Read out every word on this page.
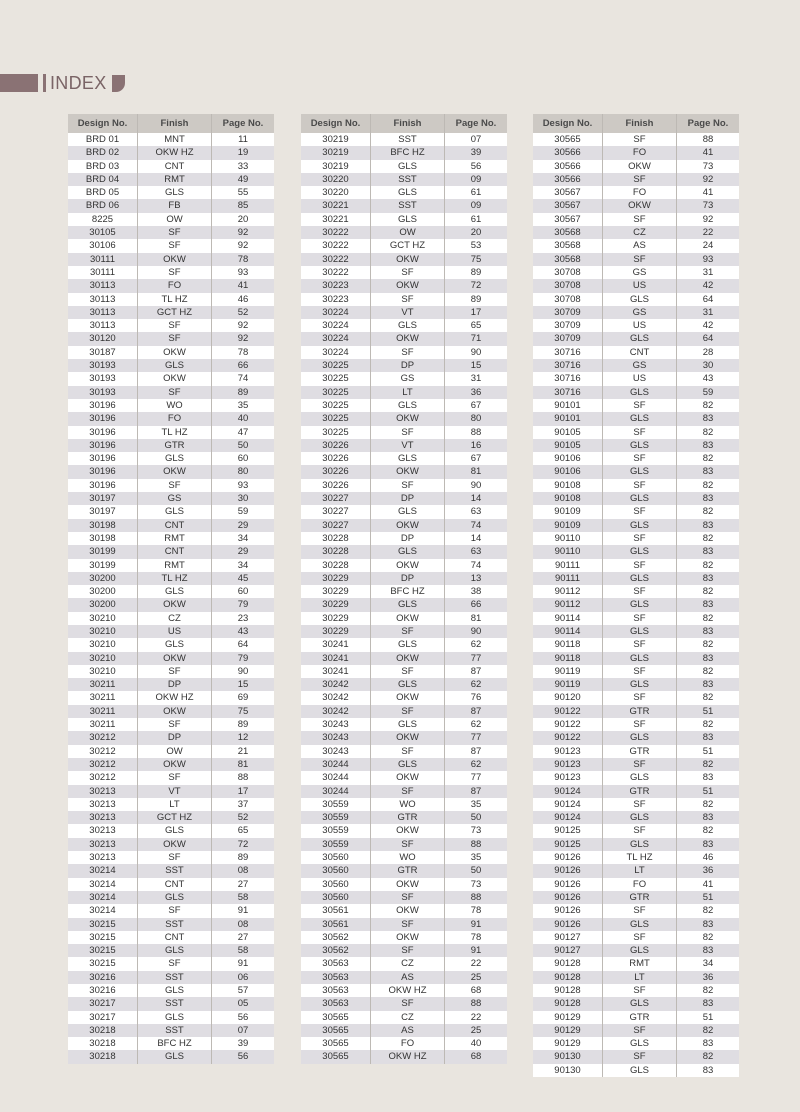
INDEX
Design No.	Finish	Page No.
BRD 01	MNT	11
BRD 02	OKW HZ	19
BRD 03	CNT	33
BRD 04	RMT	49
BRD 05	GLS	55
BRD 06	FB	85
8225	OW	20
30105	SF	92
30106	SF	92
30111	OKW	78
30111	SF	93
30113	FO	41
30113	TL HZ	46
30113	GCT HZ	52
30113	SF	92
30120	SF	92
30187	OKW	78
30193	GLS	66
30193	OKW	74
30193	SF	89
30196	WO	35
30196	FO	40
30196	TL HZ	47
30196	GTR	50
30196	GLS	60
30196	OKW	80
30196	SF	93
30197	GS	30
30197	GLS	59
30198	CNT	29
30198	RMT	34
30199	CNT	29
30199	RMT	34
30200	TL HZ	45
30200	GLS	60
30200	OKW	79
30210	CZ	23
30210	US	43
30210	GLS	64
30210	OKW	79
30210	SF	90
30211	DP	15
30211	OKW HZ	69
30211	OKW	75
30211	SF	89
30212	DP	12
30212	OW	21
30212	OKW	81
30212	SF	88
30213	VT	17
30213	LT	37
30213	GCT HZ	52
30213	GLS	65
30213	OKW	72
30213	SF	89
30214	SST	08
30214	CNT	27
30214	GLS	58
30214	SF	91
30215	SST	08
30215	CNT	27
30215	GLS	58
30215	SF	91
30216	SST	06
30216	GLS	57
30217	SST	05
30217	GLS	56
30218	SST	07
30218	BFC HZ	39
30218	GLS	56
Design No.	Finish	Page No.
30219	SST	07
30219	BFC HZ	39
30219	GLS	56
30220	SST	09
30220	GLS	61
30221	SST	09
30221	GLS	61
30222	OW	20
30222	GCT HZ	53
30222	OKW	75
30222	SF	89
30223	OKW	72
30223	SF	89
30224	VT	17
30224	GLS	65
30224	OKW	71
30224	SF	90
30225	DP	15
30225	GS	31
30225	LT	36
30225	GLS	67
30225	OKW	80
30225	SF	88
30226	VT	16
30226	GLS	67
30226	OKW	81
30226	SF	90
30227	DP	14
30227	GLS	63
30227	OKW	74
30228	DP	14
30228	GLS	63
30228	OKW	74
30229	DP	13
30229	BFC HZ	38
30229	GLS	66
30229	OKW	81
30229	SF	90
30241	GLS	62
30241	OKW	77
30241	SF	87
30242	GLS	62
30242	OKW	76
30242	SF	87
30243	GLS	62
30243	OKW	77
30243	SF	87
30244	GLS	62
30244	OKW	77
30244	SF	87
30559	WO	35
30559	GTR	50
30559	OKW	73
30559	SF	88
30560	WO	35
30560	GTR	50
30560	OKW	73
30560	SF	88
30561	OKW	78
30561	SF	91
30562	OKW	78
30562	SF	91
30563	CZ	22
30563	AS	25
30563	OKW HZ	68
30563	SF	88
30565	CZ	22
30565	AS	25
30565	FO	40
30565	OKW HZ	68
Design No.	Finish	Page No.
30565	SF	88
30566	FO	41
30566	OKW	73
30566	SF	92
30567	FO	41
30567	OKW	73
30567	SF	92
30568	CZ	22
30568	AS	24
30568	SF	93
30708	GS	31
30708	US	42
30708	GLS	64
30709	GS	31
30709	US	42
30709	GLS	64
30716	CNT	28
30716	GS	30
30716	US	43
30716	GLS	59
90101	SF	82
90101	GLS	83
90105	SF	82
90105	GLS	83
90106	SF	82
90106	GLS	83
90108	SF	82
90108	GLS	83
90109	SF	82
90109	GLS	83
90110	SF	82
90110	GLS	83
90111	SF	82
90111	GLS	83
90112	SF	82
90112	GLS	83
90114	SF	82
90114	GLS	83
90118	SF	82
90118	GLS	83
90119	SF	82
90119	GLS	83
90120	SF	82
90122	GTR	51
90122	SF	82
90122	GLS	83
90123	GTR	51
90123	SF	82
90123	GLS	83
90124	GTR	51
90124	SF	82
90124	GLS	83
90125	SF	82
90125	GLS	83
90126	TL HZ	46
90126	LT	36
90126	FO	41
90126	GTR	51
90126	SF	82
90126	GLS	83
90127	SF	82
90127	GLS	83
90128	RMT	34
90128	LT	36
90128	SF	82
90128	GLS	83
90129	GTR	51
90129	SF	82
90129	GLS	83
90130	SF	82
90130	GLS	83
